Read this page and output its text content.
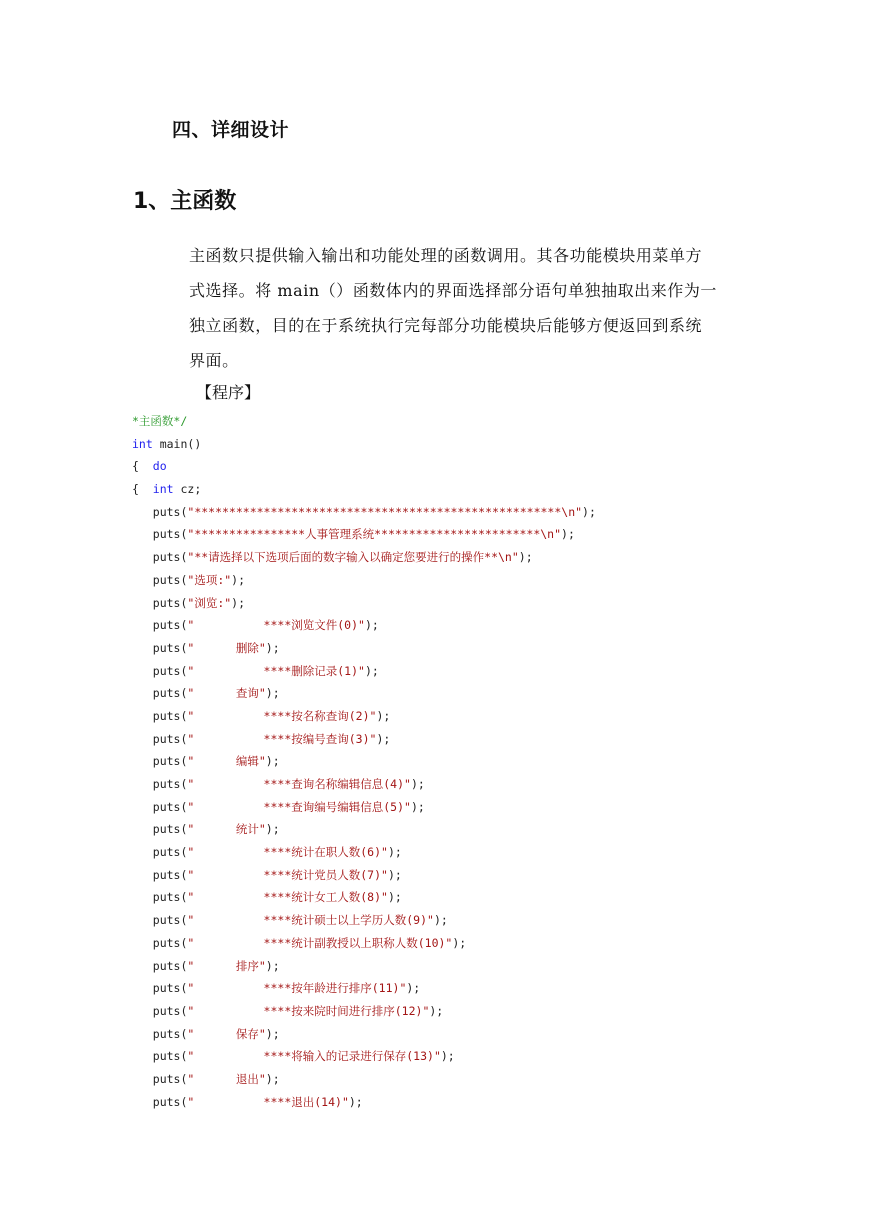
四、详细设计
1、主函数
主函数只提供输入输出和功能处理的函数调用。其各功能模块用菜单方
式选择。将 main（）函数体内的界面选择部分语句单独抽取出来作为一
独立函数，目的在于系统执行完每部分功能模块后能够方便返回到系统
界面。
【程序】
*主函数*/
int main()
{  do
{  int cz;
puts("*****************************************************\n");
puts("****************人事管理系统************************\n");
puts("**请选择以下选项后面的数字输入以确定您要进行的操作**\n");
puts("选项:");
puts("浏览:");
puts("          ****浏览文件(0)");
puts("      删除");
puts("          ****删除记录(1)");
puts("      查询");
puts("          ****按名称查询(2)");
puts("          ****按编号查询(3)");
puts("      编辑");
puts("          ****查询名称编辑信息(4)");
puts("          ****查询编号编辑信息(5)");
puts("      统计");
puts("          ****统计在职人数(6)");
puts("          ****统计党员人数(7)");
puts("          ****统计女工人数(8)");
puts("          ****统计硕士以上学历人数(9)");
puts("          ****统计副教授以上职称人数(10)");
puts("      排序");
puts("          ****按年龄进行排序(11)");
puts("          ****按来院时间进行排序(12)");
puts("      保存");
puts("          ****将输入的记录进行保存(13)");
puts("      退出");
puts("          ****退出(14)");
